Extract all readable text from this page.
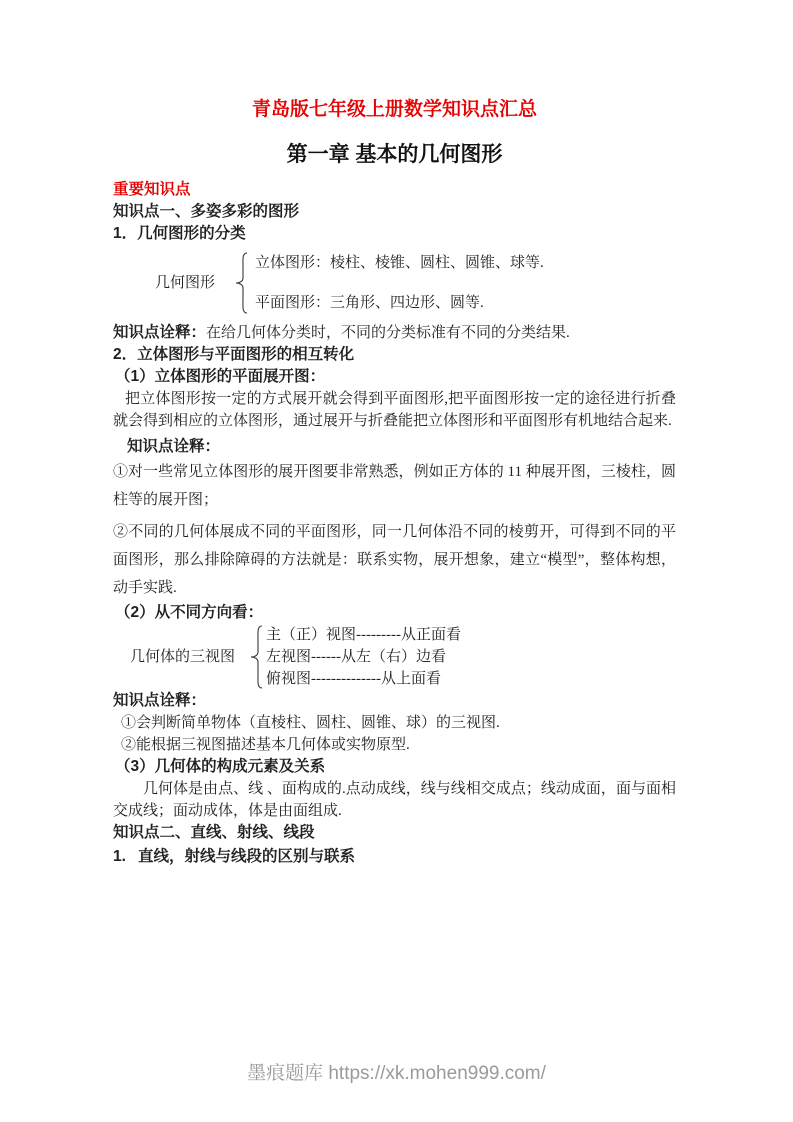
青岛版七年级上册数学知识点汇总
第一章 基本的几何图形
重要知识点
知识点一、多姿多彩的图形
1．几何图形的分类
几何图形
立体图形：棱柱、棱锥、圆柱、圆锥、球等.
平面图形：三角形、四边形、圆等.
知识点诠释：在给几何体分类时，不同的分类标准有不同的分类结果.
2．立体图形与平面图形的相互转化
（1）立体图形的平面展开图：
把立体图形按一定的方式展开就会得到平面图形,把平面图形按一定的途径进行折叠就会得到相应的立体图形，通过展开与折叠能把立体图形和平面图形有机地结合起来.
知识点诠释：
①对一些常见立体图形的展开图要非常熟悉，例如正方体的 11 种展开图，三棱柱，圆柱等的展开图；
②不同的几何体展成不同的平面图形，同一几何体沿不同的棱剪开，可得到不同的平面图形，那么排除障碍的方法就是：联系实物，展开想象，建立“模型”，整体构想，动手实践.
（2）从不同方向看：
几何体的三视图
主（正）视图---------从正面看
左视图------从左（右）边看
俯视图--------------从上面看
知识点诠释：
①会判断简单物体（直棱柱、圆柱、圆锥、球）的三视图.
②能根据三视图描述基本几何体或实物原型.
（3）几何体的构成元素及关系
几何体是由点、线 、面构成的.点动成线，线与线相交成点；线动成面，面与面相交成线；面动成体，体是由面组成.
知识点二、直线、射线、线段
1. 直线，射线与线段的区别与联系
墨痕题库 https://xk.mohen999.com/
